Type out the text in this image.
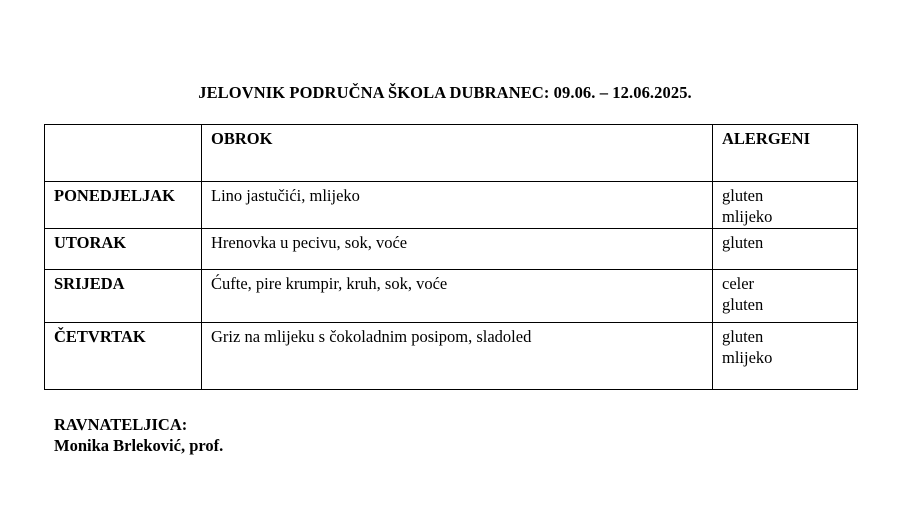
JELOVNIK PODRUČNA ŠKOLA DUBRANEC: 09.06. – 12.06.2025.
	OBROK	ALERGENI
PONEDJELJAK	Lino jastučići, mlijeko	gluten
mlijeko

UTORAK	Hrenovka u pecivu, sok, voće	gluten

SRIJEDA	Ćufte, pire krumpir, kruh, sok, voće	celer
gluten

ČETVRTAK	Griz na mlijeku s čokoladnim posipom, sladoled	gluten
mlijeko
RAVNATELJICA:
Monika Brleković, prof.
